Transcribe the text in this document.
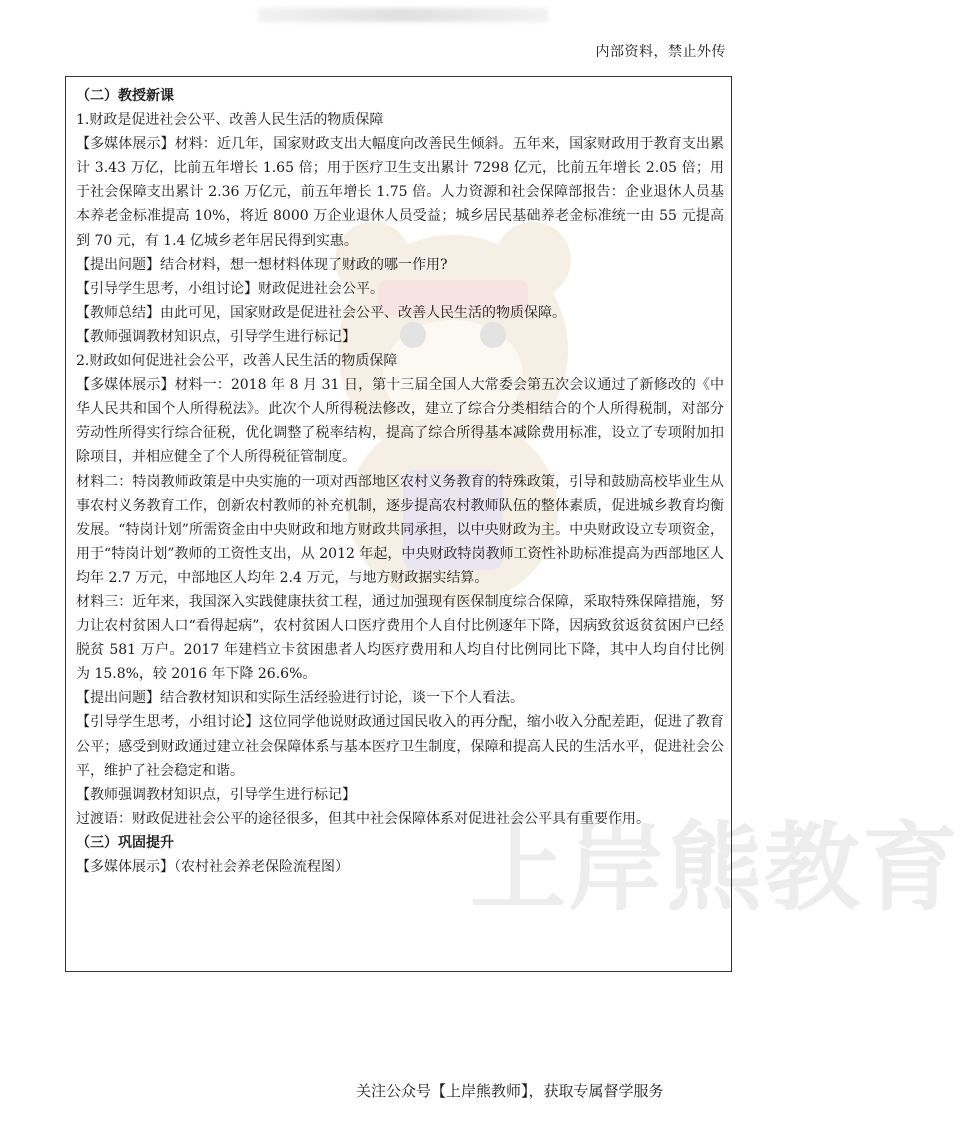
内部资料，禁止外传
上岸熊教育

（二）教授新课

1.财政是促进社会公平、改善人民生活的物质保障

【多媒体展示】材料：近几年，国家财政支出大幅度向改善民生倾斜。五年来，国家财政用于教育支出累计 3.43 万亿，比前五年增长 1.65 倍；用于医疗卫生支出累计 7298 亿元，比前五年增长 2.05 倍；用于社会保障支出累计 2.36 万亿元，前五年增长 1.75 倍。人力资源和社会保障部报告：企业退休人员基本养老金标准提高 10%，将近 8000 万企业退休人员受益；城乡居民基础养老金标准统一由 55 元提高到 70 元，有 1.4 亿城乡老年居民得到实惠。

【提出问题】结合材料，想一想材料体现了财政的哪一作用?

【引导学生思考，小组讨论】财政促进社会公平。

【教师总结】由此可见，国家财政是促进社会公平、改善人民生活的物质保障。

【教师强调教材知识点，引导学生进行标记】

2.财政如何促进社会公平，改善人民生活的物质保障

【多媒体展示】材料一：2018 年 8 月 31 日，第十三届全国人大常委会第五次会议通过了新修改的《中华人民共和国个人所得税法》。此次个人所得税法修改，建立了综合分类相结合的个人所得税制，对部分劳动性所得实行综合征税，优化调整了税率结构，提高了综合所得基本减除费用标准，设立了专项附加扣除项目，并相应健全了个人所得税征管制度。

材料二：特岗教师政策是中央实施的一项对西部地区农村义务教育的特殊政策，引导和鼓励高校毕业生从事农村义务教育工作，创新农村教师的补充机制，逐步提高农村教师队伍的整体素质，促进城乡教育均衡发展。“特岗计划”所需资金由中央财政和地方财政共同承担，以中央财政为主。中央财政设立专项资金，用于“特岗计划”教师的工资性支出，从 2012 年起，中央财政特岗教师工资性补助标准提高为西部地区人均年 2.7 万元，中部地区人均年 2.4 万元，与地方财政据实结算。

材料三：近年来，我国深入实践健康扶贫工程，通过加强现有医保制度综合保障，采取特殊保障措施，努力让农村贫困人口“看得起病”，农村贫困人口医疗费用个人自付比例逐年下降，因病致贫返贫贫困户已经脱贫 581 万户。2017 年建档立卡贫困患者人均医疗费用和人均自付比例同比下降，其中人均自付比例为 15.8%，较 2016 年下降 26.6%。

【提出问题】结合教材知识和实际生活经验进行讨论，谈一下个人看法。

【引导学生思考，小组讨论】这位同学他说财政通过国民收入的再分配，缩小收入分配差距，促进了教育公平；感受到财政通过建立社会保障体系与基本医疗卫生制度，保障和提高人民的生活水平，促进社会公平，维护了社会稳定和谐。

【教师强调教材知识点，引导学生进行标记】

过渡语：财政促进社会公平的途径很多，但其中社会保障体系对促进社会公平具有重要作用。

（三）巩固提升

【多媒体展示】（农村社会养老保险流程图）

关注公众号【上岸熊教师】，获取专属督学服务
